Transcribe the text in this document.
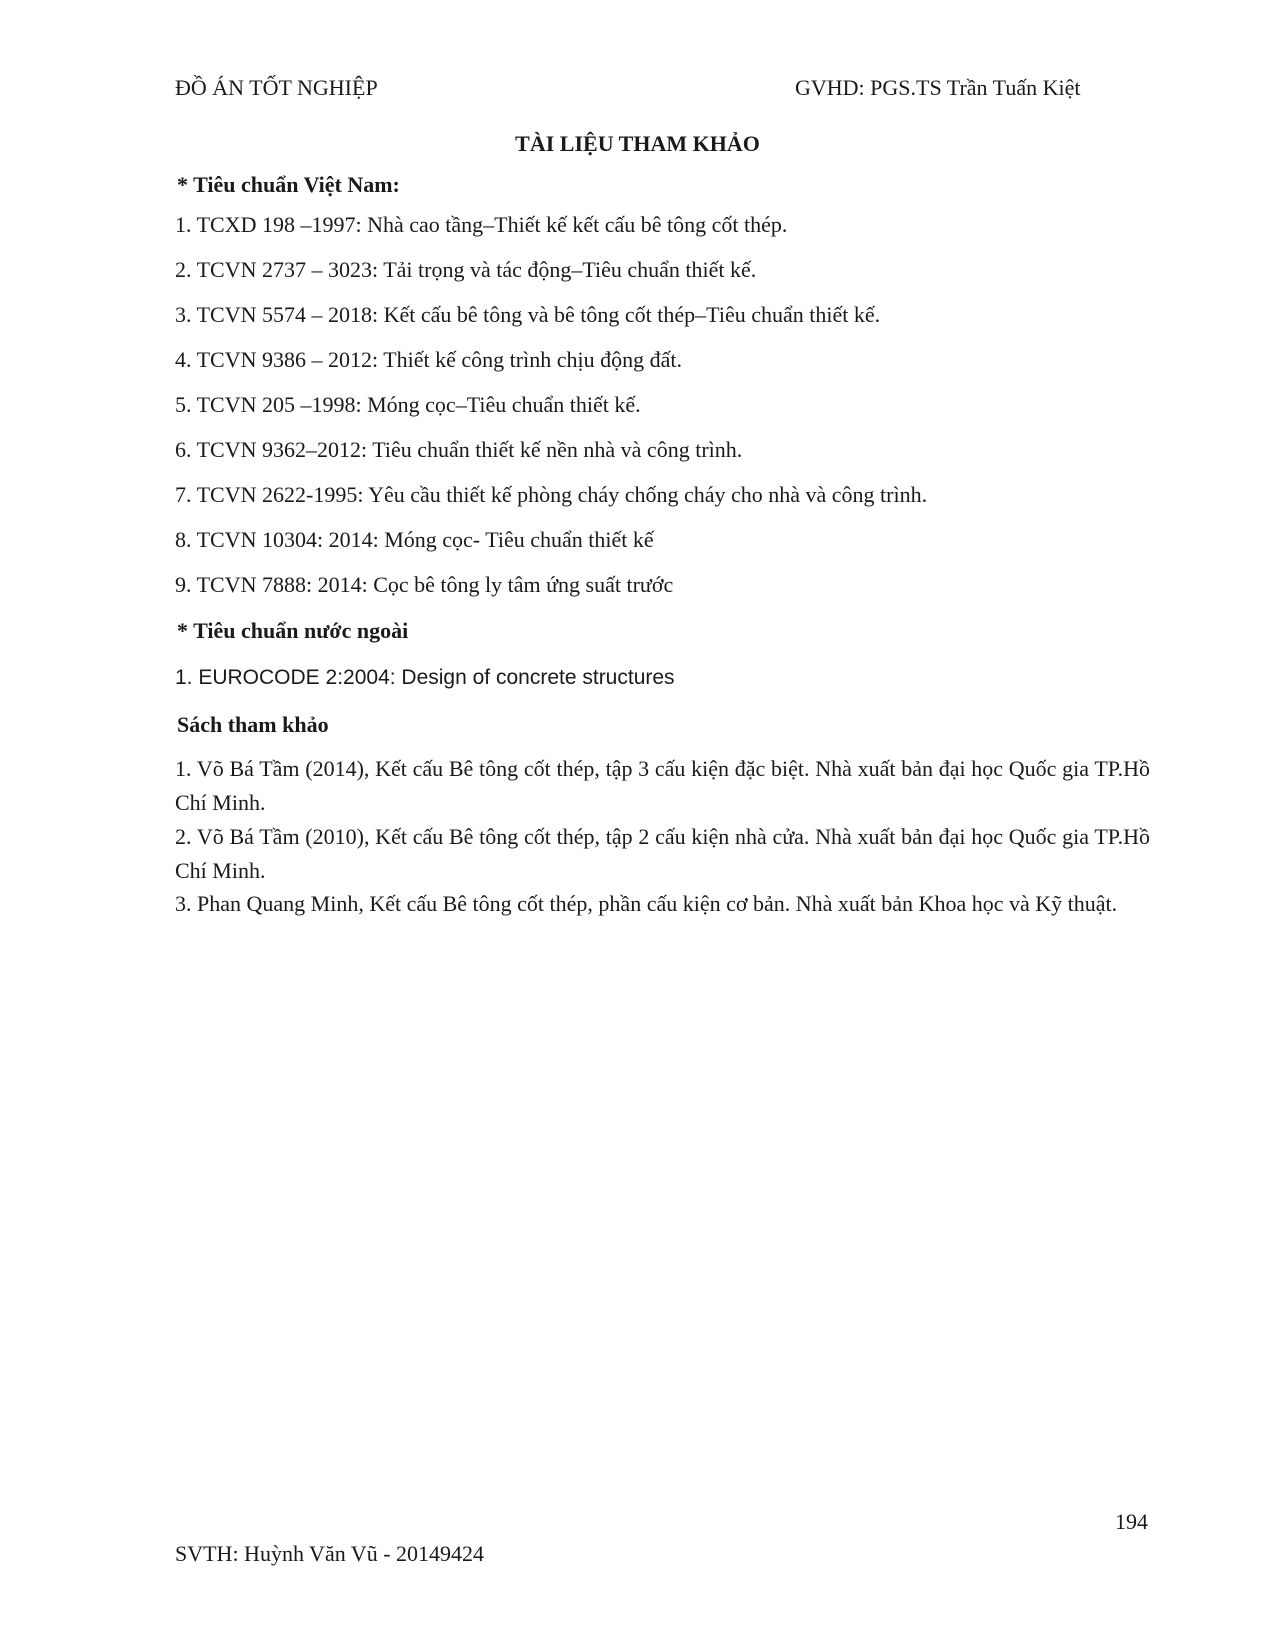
ĐỒ ÁN TỐT NGHIỆP	GVHD: PGS.TS Trần Tuấn Kiệt
TÀI LIỆU THAM KHẢO
* Tiêu chuẩn Việt Nam:
1. TCXD 198 –1997: Nhà cao tầng–Thiết kế kết cấu bê tông cốt thép.
2. TCVN 2737 – 3023: Tải trọng và tác động–Tiêu chuẩn thiết kế.
3. TCVN 5574 – 2018: Kết cấu bê tông và bê tông cốt thép–Tiêu chuẩn thiết kế.
4. TCVN 9386 – 2012: Thiết kế công trình chịu động đất.
5. TCVN 205 –1998: Móng cọc–Tiêu chuẩn thiết kế.
6. TCVN 9362–2012: Tiêu chuẩn thiết kế nền nhà và công trình.
7. TCVN 2622-1995: Yêu cầu thiết kế phòng cháy chống cháy cho nhà và công trình.
8. TCVN 10304: 2014: Móng cọc- Tiêu chuẩn thiết kế
9. TCVN 7888: 2014: Cọc bê tông ly tâm ứng suất trước
* Tiêu chuẩn nước ngoài
1. EUROCODE 2:2004: Design of concrete structures
Sách tham khảo
1. Võ Bá Tầm (2014), Kết cấu Bê tông cốt thép, tập 3 cấu kiện đặc biệt. Nhà xuất bản đại học Quốc gia TP.Hồ Chí Minh.
2. Võ Bá Tầm (2010), Kết cấu Bê tông cốt thép, tập 2 cấu kiện nhà cửa. Nhà xuất bản đại học Quốc gia TP.Hồ Chí Minh.
3. Phan Quang Minh, Kết cấu Bê tông cốt thép, phần cấu kiện cơ bản. Nhà xuất bản Khoa học và Kỹ thuật.
194
SVTH: Huỳnh Văn Vũ - 20149424
